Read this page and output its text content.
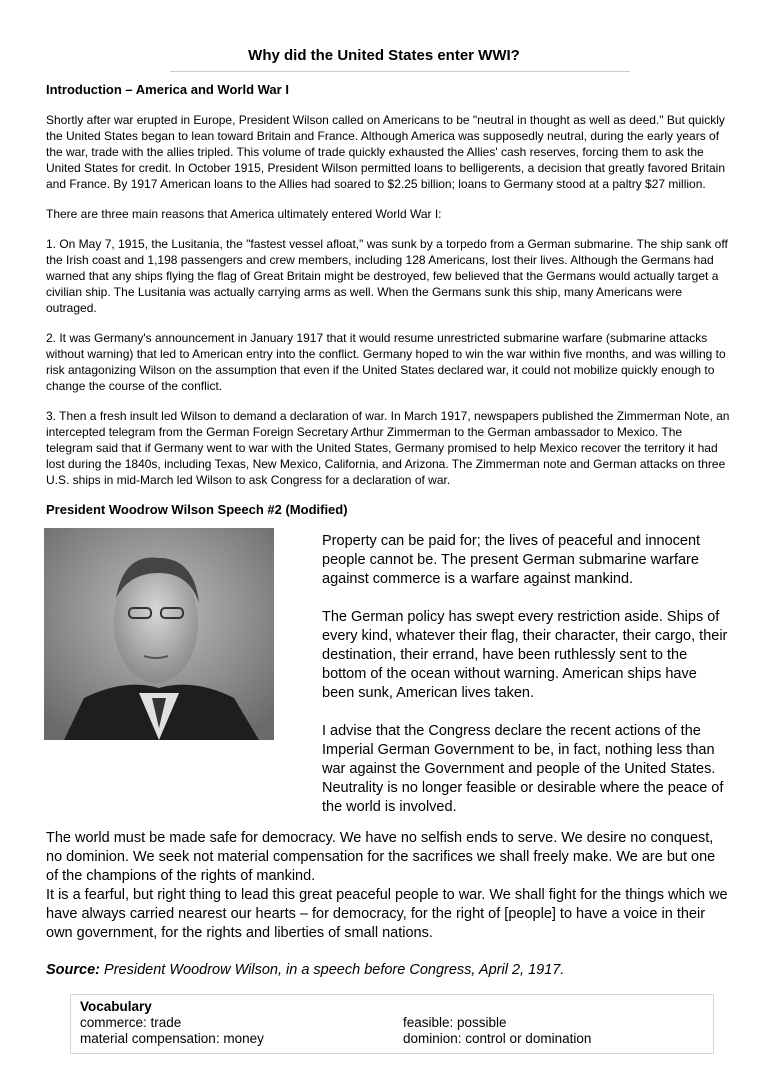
Why did the United States enter WWI?
Introduction – America and World War I

Shortly after war erupted in Europe, President Wilson called on Americans to be "neutral in thought as well as deed." But quickly the United States began to lean toward Britain and France. Although America was supposedly neutral, during the early years of the war, trade with the allies tripled. This volume of trade quickly exhausted the Allies' cash reserves, forcing them to ask the United States for credit. In October 1915, President Wilson permitted loans to belligerents, a decision that greatly favored Britain and France. By 1917 American loans to the Allies had soared to $2.25 billion; loans to Germany stood at a paltry $27 million.

There are three main reasons that America ultimately entered World War I:

1. On May 7, 1915, the Lusitania, the "fastest vessel afloat," was sunk by a torpedo from a German submarine. The ship sank off the Irish coast and 1,198 passengers and crew members, including 128 Americans, lost their lives. Although the Germans had warned that any ships flying the flag of Great Britain might be destroyed, few believed that the Germans would actually target a civilian ship. The Lusitania was actually carrying arms as well. When the Germans sunk this ship, many Americans were outraged.

2. It was Germany's announcement in January 1917 that it would resume unrestricted submarine warfare (submarine attacks without warning) that led to American entry into the conflict. Germany hoped to win the war within five months, and was willing to risk antagonizing Wilson on the assumption that even if the United States declared war, it could not mobilize quickly enough to change the course of the conflict.

3. Then a fresh insult led Wilson to demand a declaration of war. In March 1917, newspapers published the Zimmerman Note, an intercepted telegram from the German Foreign Secretary Arthur Zimmerman to the German ambassador to Mexico. The telegram said that if Germany went to war with the United States, Germany promised to help Mexico recover the territory it had lost during the 1840s, including Texas, New Mexico, California, and Arizona. The Zimmerman note and German attacks on three U.S. ships in mid-March led Wilson to ask Congress for a declaration of war.

President Woodrow Wilson Speech #2 (Modified)

Property can be paid for; the lives of peaceful and innocent people cannot be. The present German submarine warfare against commerce is a warfare against mankind.

The German policy has swept every restriction aside. Ships of every kind, whatever their flag, their character, their cargo, their destination, their errand, have been ruthlessly sent to the bottom of the ocean without warning. American ships have been sunk, American lives taken.

I advise that the Congress declare the recent actions of the Imperial German Government to be, in fact, nothing less than war against the Government and people of the United States. Neutrality is no longer feasible or desirable where the peace of the world is involved.

The world must be made safe for democracy. We have no selfish ends to serve. We desire no conquest, no dominion. We seek not material compensation for the sacrifices we shall freely make. We are but one of the champions of the rights of mankind.

It is a fearful, but right thing to lead this great peaceful people to war. We shall fight for the things which we have always carried nearest our hearts – for democracy, for the right of [people] to have a voice in their own government, for the rights and liberties of small nations.

Source: President Woodrow Wilson, in a speech before Congress, April 2, 1917.
Vocabulary
commerce: trade
material compensation: money
feasible: possible
dominion: control or domination
